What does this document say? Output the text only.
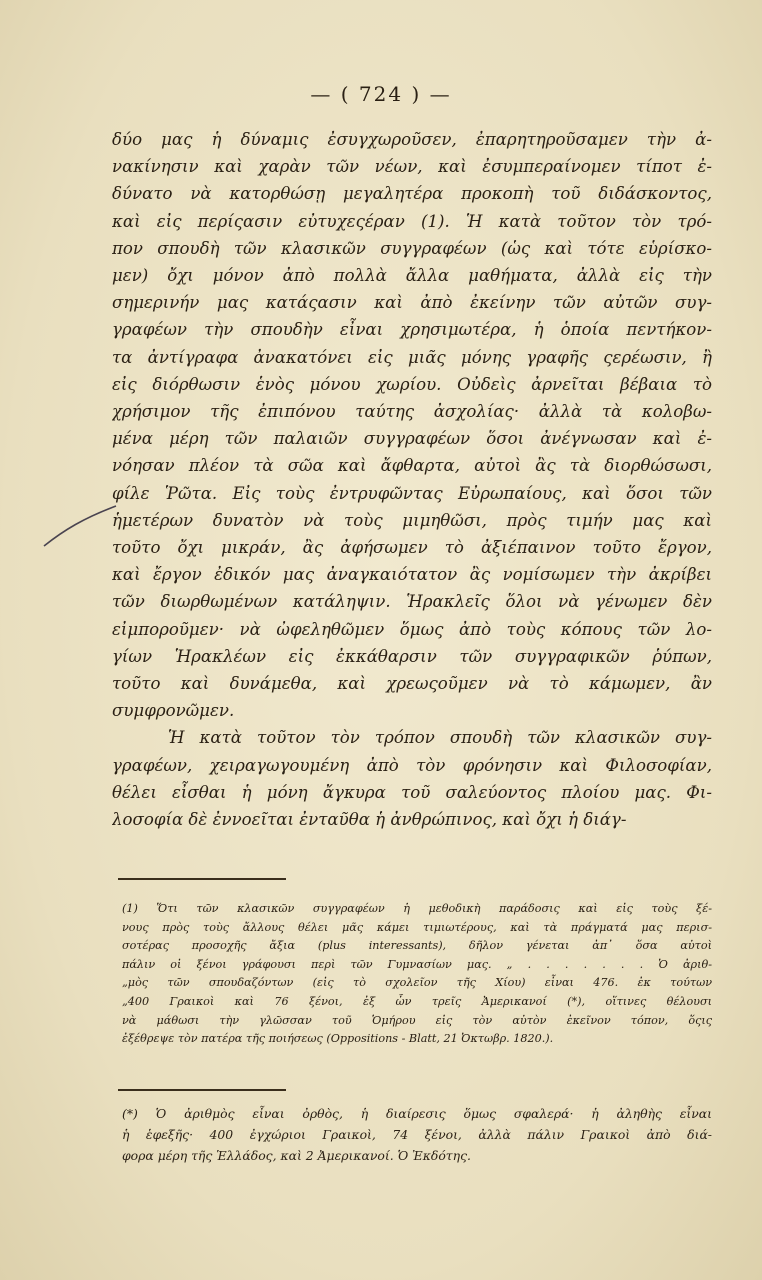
— ( 724 ) —
δύο μας ἡ δύναμις ἐσυγχωροῦσεν, ἐπαρητηροῦσαμεν τὴν ἀ-
νακίνησιν καὶ χαρὰν τῶν νέων, καὶ ἐσυμπεραίνομεν τίποτ ἐ-
δύνατο νὰ κατορθώσῃ μεγαλητέρα προκοπὴ τοῦ διδάσκοντος,
καὶ εἰς περίςασιν εὐτυχεςέραν (1). Ἡ κατὰ τοῦτον τὸν τρό-
πον σπουδὴ τῶν κλασικῶν συγγραφέων (ὡς καὶ τότε εὑρίσκο-
μεν) ὄχι μόνον ἀπὸ πολλὰ ἄλλα μαθήματα, ἀλλὰ εἰς τὴν
σημερινήν μας κατάςασιν καὶ ἀπὸ ἐκείνην τῶν αὐτῶν συγ-
γραφέων τὴν σπουδὴν εἶναι χρησιμωτέρα, ἡ ὁποία πεντήκον-
τα ἀντίγραφα ἀνακατόνει εἰς μιᾶς μόνης γραφῆς ςερέωσιν, ἢ
εἰς διόρθωσιν ἑνὸς μόνου χωρίου. Οὐδεὶς ἀρνεῖται βέβαια τὸ
χρήσιμον τῆς ἐπιπόνου ταύτης ἀσχολίας· ἀλλὰ τὰ κολοβω-
μένα μέρη τῶν παλαιῶν συγγραφέων ὅσοι ἀνέγνωσαν καὶ ἐ-
νόησαν πλέον τὰ σῶα καὶ ἄφθαρτα, αὐτοὶ ἂς τὰ διορθώσωσι,
φίλε Ῥῶτα. Εἰς τοὺς ἐντρυφῶντας Εὐρωπαίους, καὶ ὅσοι τῶν
ἡμετέρων δυνατὸν νὰ τοὺς μιμηθῶσι, πρὸς τιμήν μας καὶ
τοῦτο ὄχι μικράν, ἂς ἀφήσωμεν τὸ ἀξιέπαινον τοῦτο ἔργον,
καὶ ἔργον ἐδικόν μας ἀναγκαιότατον ἂς νομίσωμεν τὴν ἀκρίβει
τῶν διωρθωμένων κατάληψιν. Ἡρακλεῖς ὅλοι νὰ γένωμεν δὲν
εἰμποροῦμεν· νὰ ὠφεληθῶμεν ὅμως ἀπὸ τοὺς κόπους τῶν λο-
γίων Ἡρακλέων εἰς ἐκκάθαρσιν τῶν συγγραφικῶν ῥύπων,
τοῦτο καὶ δυνάμεθα, καὶ χρεωςοῦμεν νὰ τὸ κάμωμεν, ἂν
συμφρονῶμεν.
Ἡ κατὰ τοῦτον τὸν τρόπον σπουδὴ τῶν κλασικῶν συγ-
γραφέων, χειραγωγουμένη ἀπὸ τὸν φρόνησιν καὶ Φιλοσοφίαν,
θέλει εἶσθαι ἡ μόνη ἄγκυρα τοῦ σαλεύοντος πλοίου μας. Φι-
λοσοφία δὲ ἐννοεῖται ἐνταῦθα ἡ ἀνθρώπινος, καὶ ὄχι ἡ διάγ-
(1) Ὅτι τῶν κλασικῶν συγγραφέων ἡ μεθοδικὴ παράδοσις καὶ εἰς τοὺς ξέ-
νους πρὸς τοὺς ἄλλους θέλει μᾶς κάμει τιμιωτέρους, καὶ τὰ πράγματά μας περισ-
σοτέρας προσοχῆς ἄξια (plus interessants), δῆλον γένεται ἀπ᾿ ὅσα αὐτοὶ
πάλιν οἱ ξένοι γράφουσι περὶ τῶν Γυμνασίων μας. „ . . . . . . . Ὁ ἀριθ-
„μὸς τῶν σπουδαζόντων (εἰς τὸ σχολεῖον τῆς Χίου) εἶναι 476. ἐκ τούτων
„400 Γραικοὶ καὶ 76 ξένοι, ἐξ ὧν τρεῖς Ἀμερικανοί (*), οἵτινες θέλουσι
νὰ μάθωσι τὴν γλῶσσαν τοῦ Ὁμήρου εἰς τὸν αὐτὸν ἐκεῖνον τόπον, ὅςις
ἐξέθρεψε τὸν πατέρα τῆς ποιήσεως (Oppositions - Blatt, 21 Ὀκτωβρ. 1820.).
(*) Ὁ ἀριθμὸς εἶναι ὀρθὸς, ἡ διαίρεσις ὅμως σφαλερά· ἡ ἀληθὴς εἶναι
ἡ ἑφεξῆς· 400 ἐγχώριοι Γραικοὶ, 74 ξένοι, ἀλλὰ πάλιν Γραικοὶ ἀπὸ διά-
φορα μέρη τῆς Ἑλλάδος, καὶ 2 Ἀμερικανοί. Ὁ Ἐκδότης.
